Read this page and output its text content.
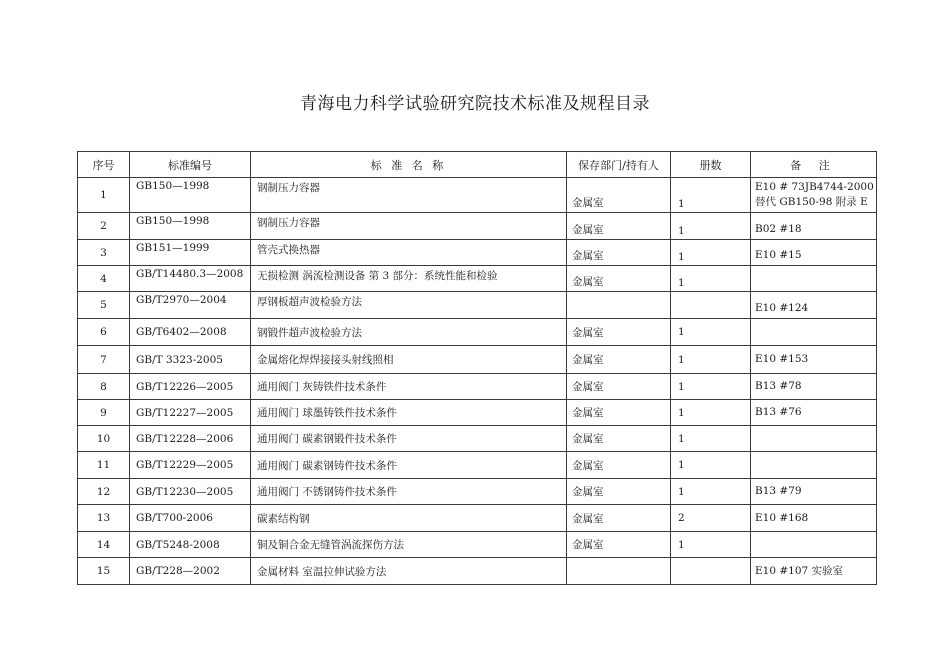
青海电力科学试验研究院技术标准及规程目录
序号	标准编号	标 准 名 称	保存部门/持有人	册数	备 注
1	GB150—1998	钢制压力容器	金属室	1	E10 # 73JB4744-2000
替代 GB150-98 附录 E

2	GB150—1998	钢制压力容器	金属室	1	B02 #18

3	GB151—1999	管壳式换热器	金属室	1	E10 #15

4	GB/T14480.3—2008	无损检测 涡流检测设备 第 3 部分：系统性能和检验	金属室	1	

5	GB/T2970—2004	厚钢板超声波检验方法			E10 #124

6	GB/T6402—2008	钢锻件超声波检验方法	金属室	1	

7	GB/T 3323-2005	金属熔化焊焊接接头射线照相	金属室	1	E10 #153

8	GB/T12226—2005	通用阀门 灰铸铁件技术条件	金属室	1	B13 #78

9	GB/T12227—2005	通用阀门 球墨铸铁件技术条件	金属室	1	B13 #76

10	GB/T12228—2006	通用阀门 碳素钢锻件技术条件	金属室	1	

11	GB/T12229—2005	通用阀门 碳素钢铸件技术条件	金属室	1	

12	GB/T12230—2005	通用阀门 不锈钢铸件技术条件	金属室	1	B13 #79

13	GB/T700-2006	碳素结构钢	金属室	2	E10 #168

14	GB/T5248-2008	铜及铜合金无缝管涡流探伤方法	金属室	1	

15	GB/T228—2002	金属材料 室温拉伸试验方法			E10 #107 实验室
